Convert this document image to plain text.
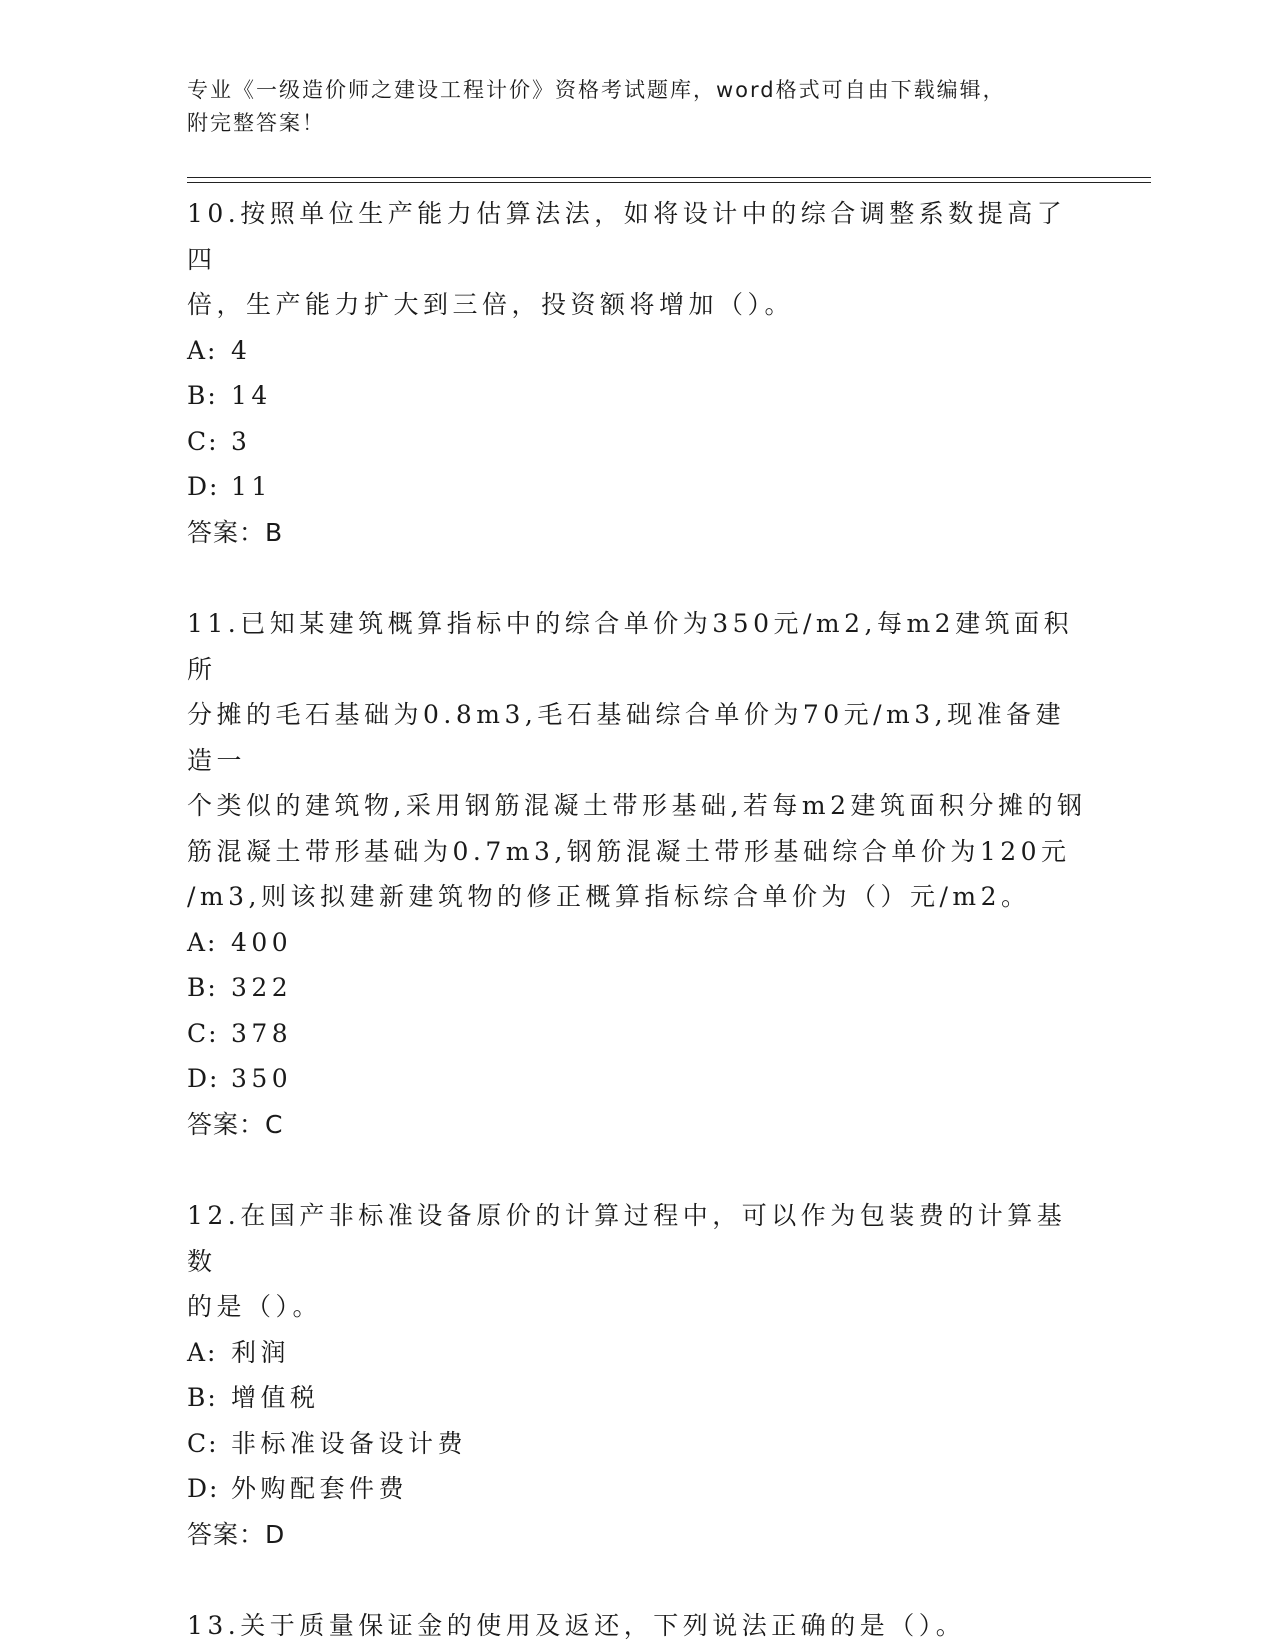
专业《一级造价师之建设工程计价》资格考试题库，word格式可自由下载编辑，
附完整答案！

10.按照单位生产能力估算法法，如将设计中的综合调整系数提高了四

倍，生产能力扩大到三倍，投资额将增加（）。

A: 4
B: 14
C: 3
D: 11

答案：B

11.已知某建筑概算指标中的综合单价为350元/m2,每m2建筑面积所

分摊的毛石基础为0.8m3,毛石基础综合单价为70元/m3,现准备建造一

个类似的建筑物,采用钢筋混凝土带形基础,若每m2建筑面积分摊的钢

筋混凝土带形基础为0.7m3,钢筋混凝土带形基础综合单价为120元

/m3,则该拟建新建筑物的修正概算指标综合单价为（）元/m2。

A: 400
B: 322
C: 378
D: 350

答案：C

12.在国产非标准设备原价的计算过程中，可以作为包装费的计算基数

的是（）。

A: 利润
B: 增值税
C: 非标准设备设计费
D: 外购配套件费

答案：D

13.关于质量保证金的使用及返还，下列说法正确的是（）。
